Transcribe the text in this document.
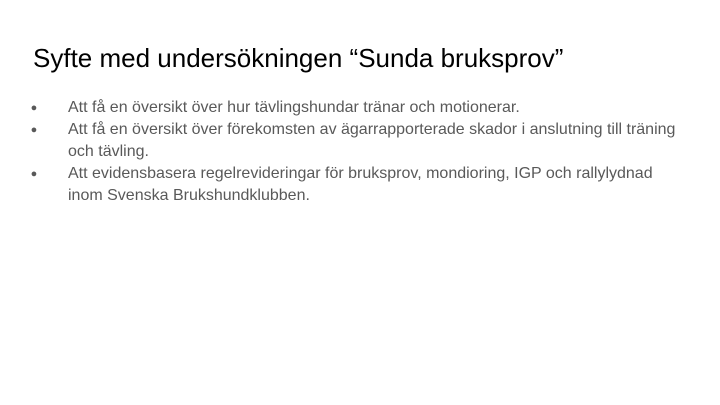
Syfte med undersökningen “Sunda bruksprov”
● Att få en översikt över hur tävlingshundar tränar och motionerar.
● Att få en översikt över förekomsten av ägarrapporterade skador i anslutning till träning och tävling.
● Att evidensbasera regelrevideringar för bruksprov, mondioring, IGP och rallylydnad inom Svenska Brukshundklubben.
